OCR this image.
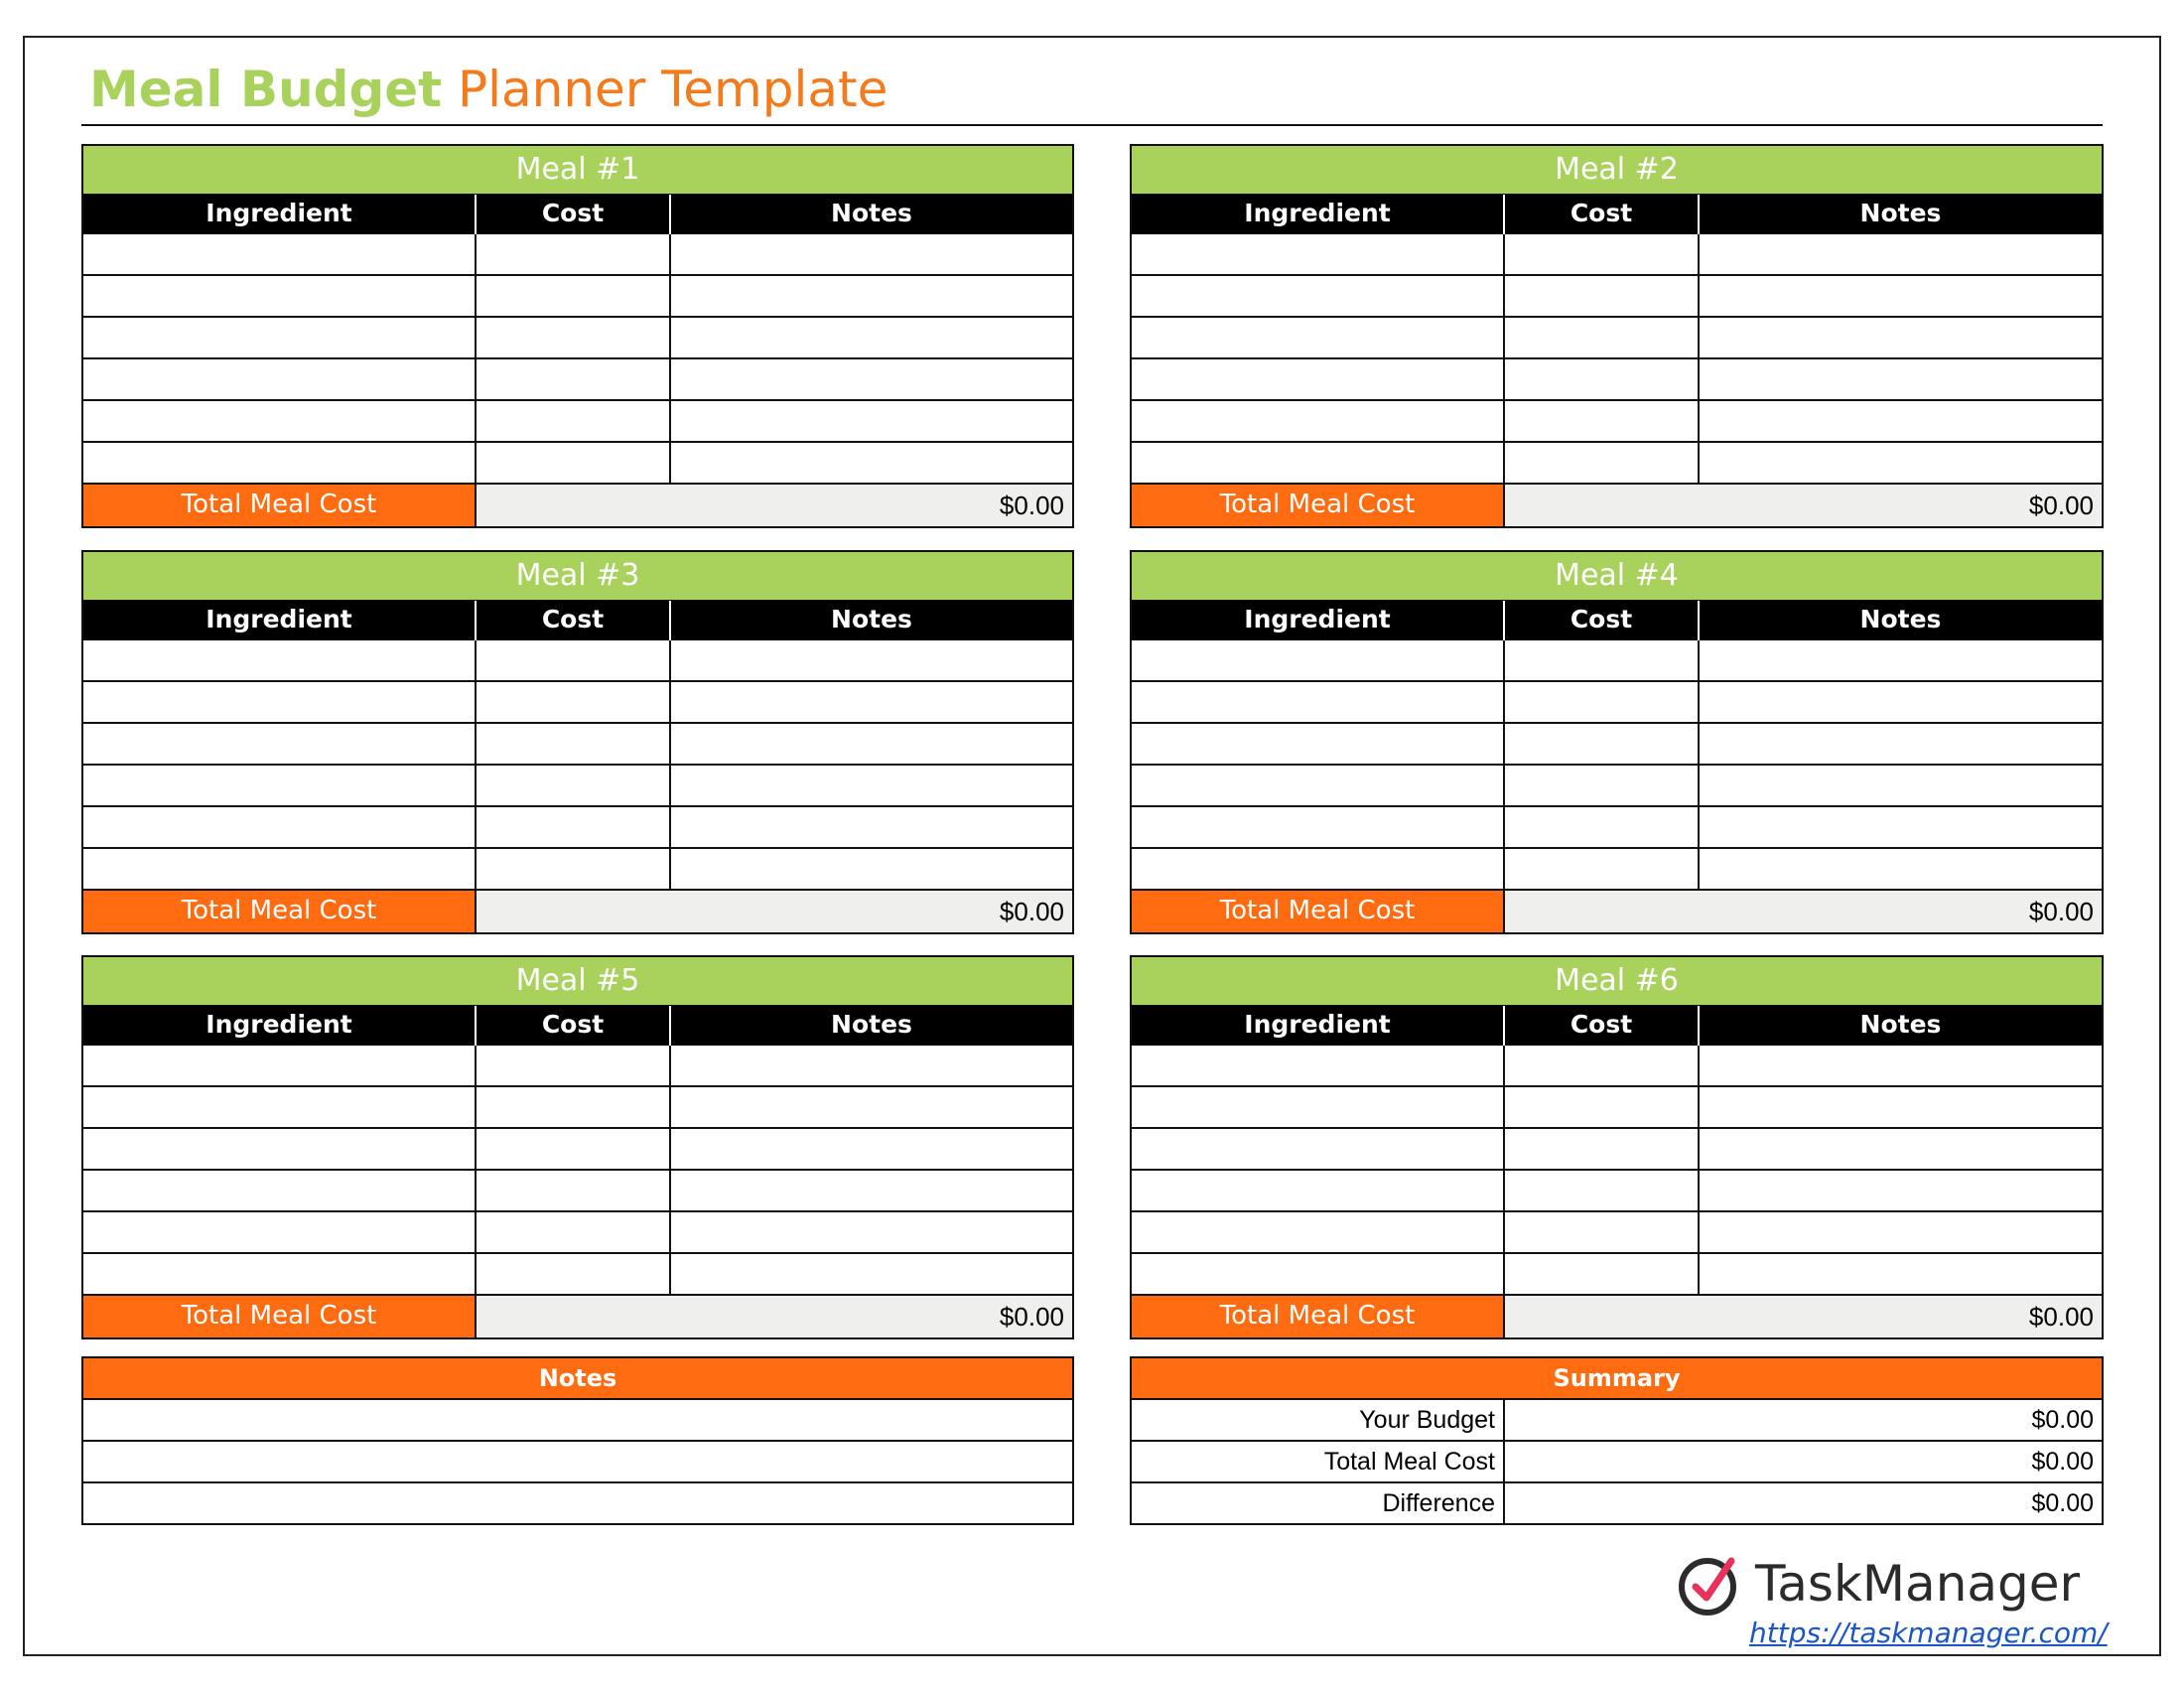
Meal Budget Planner Template
Meal #1
Ingredient	Cost	Notes
Total Meal Cost	$0.00
Meal #2
Ingredient	Cost	Notes
Total Meal Cost	$0.00
Meal #3
Ingredient	Cost	Notes
Total Meal Cost	$0.00
Meal #4
Ingredient	Cost	Notes
Total Meal Cost	$0.00
Meal #5
Ingredient	Cost	Notes
Total Meal Cost	$0.00
Meal #6
Ingredient	Cost	Notes
Total Meal Cost	$0.00
Notes	Summary
Your Budget	$0.00
Total Meal Cost	$0.00
Difference	$0.00
TaskManager
https://taskmanager.com/
